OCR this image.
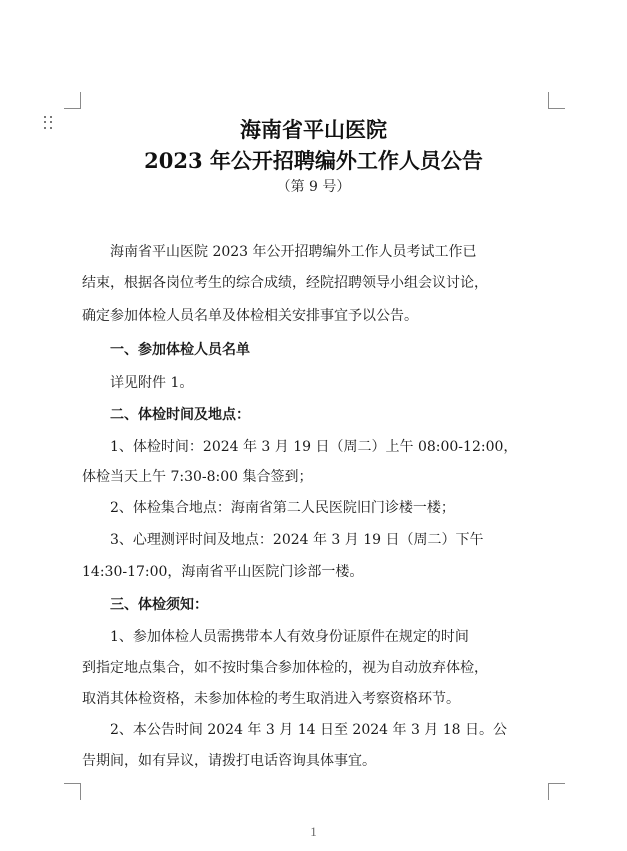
海南省平山医院
2023 年公开招聘编外工作人员公告
（第 9 号）
海南省平山医院 2023 年公开招聘编外工作人员考试工作已
结束，根据各岗位考生的综合成绩，经院招聘领导小组会议讨论，
确定参加体检人员名单及体检相关安排事宜予以公告。
一、参加体检人员名单
详见附件 1。
二、体检时间及地点：
1、体检时间：2024 年 3 月 19 日（周二）上午 08:00-12:00，
体检当天上午 7:30-8:00 集合签到；
2、体检集合地点：海南省第二人民医院旧门诊楼一楼；
3、心理测评时间及地点：2024 年 3 月 19 日（周二）下午
14:30-17:00，海南省平山医院门诊部一楼。
三、体检须知：
1、参加体检人员需携带本人有效身份证原件在规定的时间
到指定地点集合，如不按时集合参加体检的，视为自动放弃体检，
取消其体检资格，未参加体检的考生取消进入考察资格环节。
2、本公告时间 2024 年 3 月 14 日至 2024 年 3 月 18 日。公
告期间，如有异议，请拨打电话咨询具体事宜。
1
